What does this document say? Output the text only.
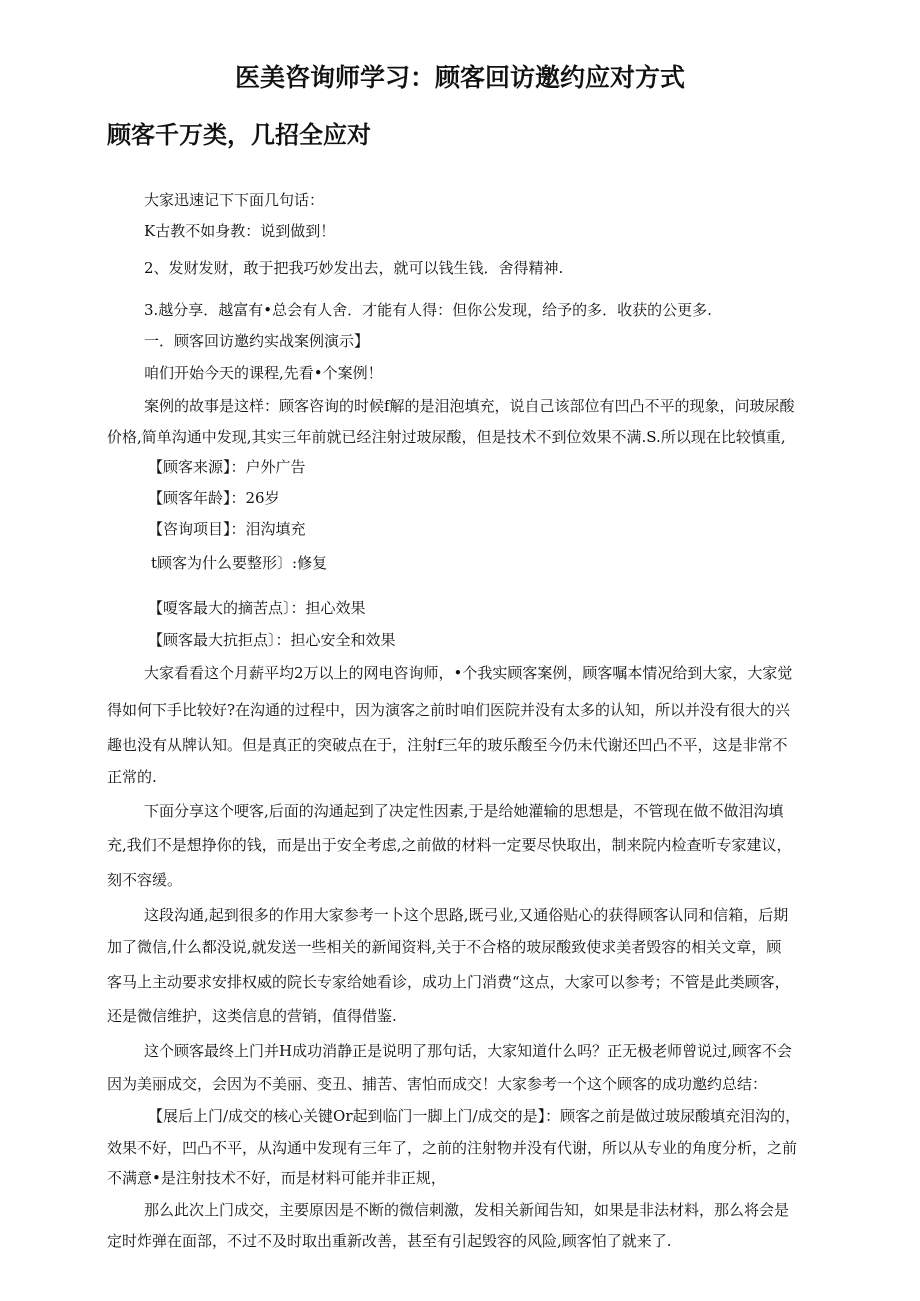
医美咨询师学习：顾客回访邀约应对方式
顾客千万类，几招全应对
大家迅速记下下面几句话：
K古教不如身教：说到做到！
2、发财发财，敢于把我巧妙发出去，就可以钱生钱．舍得精神.
3.越分享．越富有•总会有人舍．才能有人得：但你公发现，给予的多．收获的公更多.
一．顾客回访邀约实战案例演示】
咱们开始今天的课程,先看•个案例！
案例的故事是这样：顾客咨询的时候f解的是泪泡填充，说自己该部位有凹凸不平的现象，问玻尿酸
价格,简单沟通中发现,其实三年前就已经注射过玻尿酸，但是技术不到位效果不满.S.所以现在比较慎重,
【顾客来源】：户外广告
【顾客年龄】：26岁
【咨询项目】：泪沟填充
t顾客为什么要整形〕:修复
【嗄客最大的摘苦点〕：担心效果
【顾客最大抗拒点〕：担心安全和效果
大家看看这个月薪平均2万以上的网电咨询师，•个我实顾客案例，顾客嘱本情况给到大家，大家觉
得如何下手比较好?在沟通的过程中，因为演客之前时咱们医院并没有太多的认知，所以并没有很大的兴
趣也没有从牌认知。但是真正的突破点在于，注射f三年的玻乐酸至今仍未代谢还凹凸不平，这是非常不
正常的.
下面分享这个哽客,后面的沟通起到了决定性因素,于是给她灌输的思想是，不管现在做不做泪沟填
充,我们不是想挣你的钱，而是出于安全考虑,之前做的材料一定要尽快取出，制来院内检查听专家建议，
刻不容缓。
这段沟通,起到很多的作用大家参考一卜这个思路,既弓业,又通俗贴心的获得顾客认同和信箱，后期
加了微信,什么都没说,就发送一些相关的新闻资料,关于不合格的玻尿酸致使求美者毁容的相关文章，顾
客马上主动要求安排权威的院长专家给她看诊，成功上门消费“这点，大家可以参考；不管是此类顾客，
还是微信维护，这类信息的营销，值得借鉴.
这个顾客最终上门并H成功消静正是说明了那句话，大家知道什么吗？正无极老师曾说过,顾客不会
因为美丽成交，会因为不美丽、变丑、捕苦、害怕而成交！大家参考一个这个顾客的成功邀约总结：
【展后上门/成交的核心关键Or起到临门一脚上门/成交的是】：顾客之前是做过玻尿酸填充泪沟的，
效果不好，凹凸不平，从沟通中发现有三年了，之前的注射物并没有代谢，所以从专业的角度分析，之前
不满意•是注射技术不好，而是材料可能并非正规，
那么此次上门成交，主要原因是不断的微信刺激，发相关新闻告知，如果是非法材料，那么将会是
定时炸弹在面部，不过不及时取出重新改善，甚至有引起毁容的风险,顾客怕了就来了.
